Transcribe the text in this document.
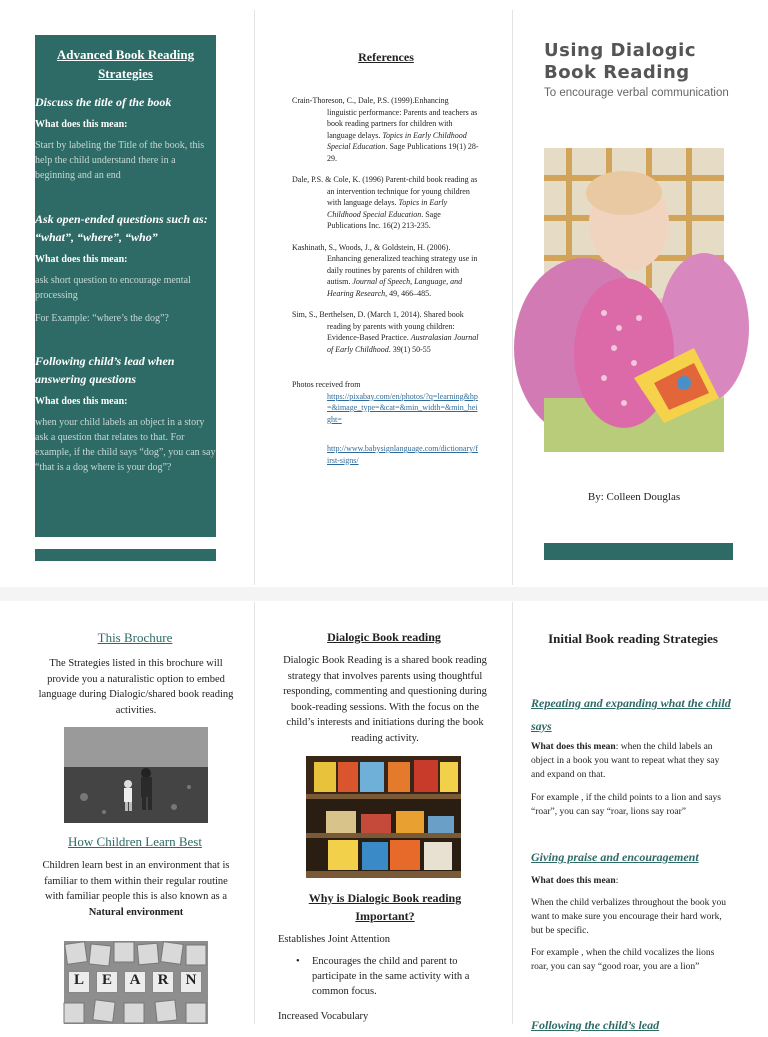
Advanced Book Reading Strategies
Discuss the title of the book
What does this mean:
Start by labeling the Title of the book, this help the child understand there in a beginning and an end
Ask open-ended questions such as: “what”, “where”, “who”
What does this mean:
ask short question to encourage mental processing
For Example: “where’s the dog”?
Following child’s lead when answering questions
What does this mean:
when your child labels an object in a story ask a question that relates to that. For example, if the child says “dog”, you can say “that is a dog where is your dog”?
References
Crain-Thoreson, C., Dale, P.S. (1999).Enhancing linguistic performance: Parents and teachers as book reading partners for children with language delays. Topics in Early Childhood Special Education. Sage Publications 19(1) 28-29.
Dale, P.S. & Cole, K. (1996) Parent-child book reading as an intervention technique for young children with language delays. Topics in Early Childhood Special Education. Sage Publications Inc. 16(2) 213-235.
Kashinath, S., Woods, J., & Goldstein, H. (2006). Enhancing generalized teaching strategy use in daily routines by parents of children with autism. Journal of Speech, Language, and Hearing Research, 49, 466–485.
Sim, S., Berthelsen, D. (March 1, 2014). Shared book reading by parents with young children: Evidence-Based Practice. Australasian Journal of Early Childhood. 39(1) 50-55
Photos received from
https://pixabay.com/en/photos/?q=learning&hp=&image_type=&cat=&min_width=&min_height=
http://www.babysignlanguage.com/dictionary/first-signs/
Using Dialogic Book Reading
To encourage verbal communication
By: Colleen Douglas
This Brochure
The Strategies listed in this brochure will provide you a naturalistic option to embed language during Dialogic/shared book reading activities.
How Children Learn Best
Children learn best in an environment that is familiar to them within their regular routine with familiar people this is also known as a Natural environment
L	E	A	R	N
Dialogic Book reading
Dialogic Book Reading is a shared book reading strategy that involves parents using thoughtful responding, commenting and questioning during book-reading sessions. With the focus on the child’s interests and initiations during the book reading activity.
Why is Dialogic Book reading Important?
Establishes Joint Attention
•	Encourages the child and parent to participate in the same activity with a common focus.
Increased Vocabulary
Initial Book reading Strategies
Repeating and expanding what the child says
What does this mean: when the child labels an object in a book you want to repeat what they say and expand on that.
For example , if the child points to a lion and says “roar”, you can say “roar, lions say roar”
Giving praise and encouragement
What does this mean:
When the child verbalizes throughout the book you want to make sure you encourage their hard work, but be specific.
For example , when the child vocalizes the lions roar, you can say “good roar, you are a lion”
Following the child’s lead
